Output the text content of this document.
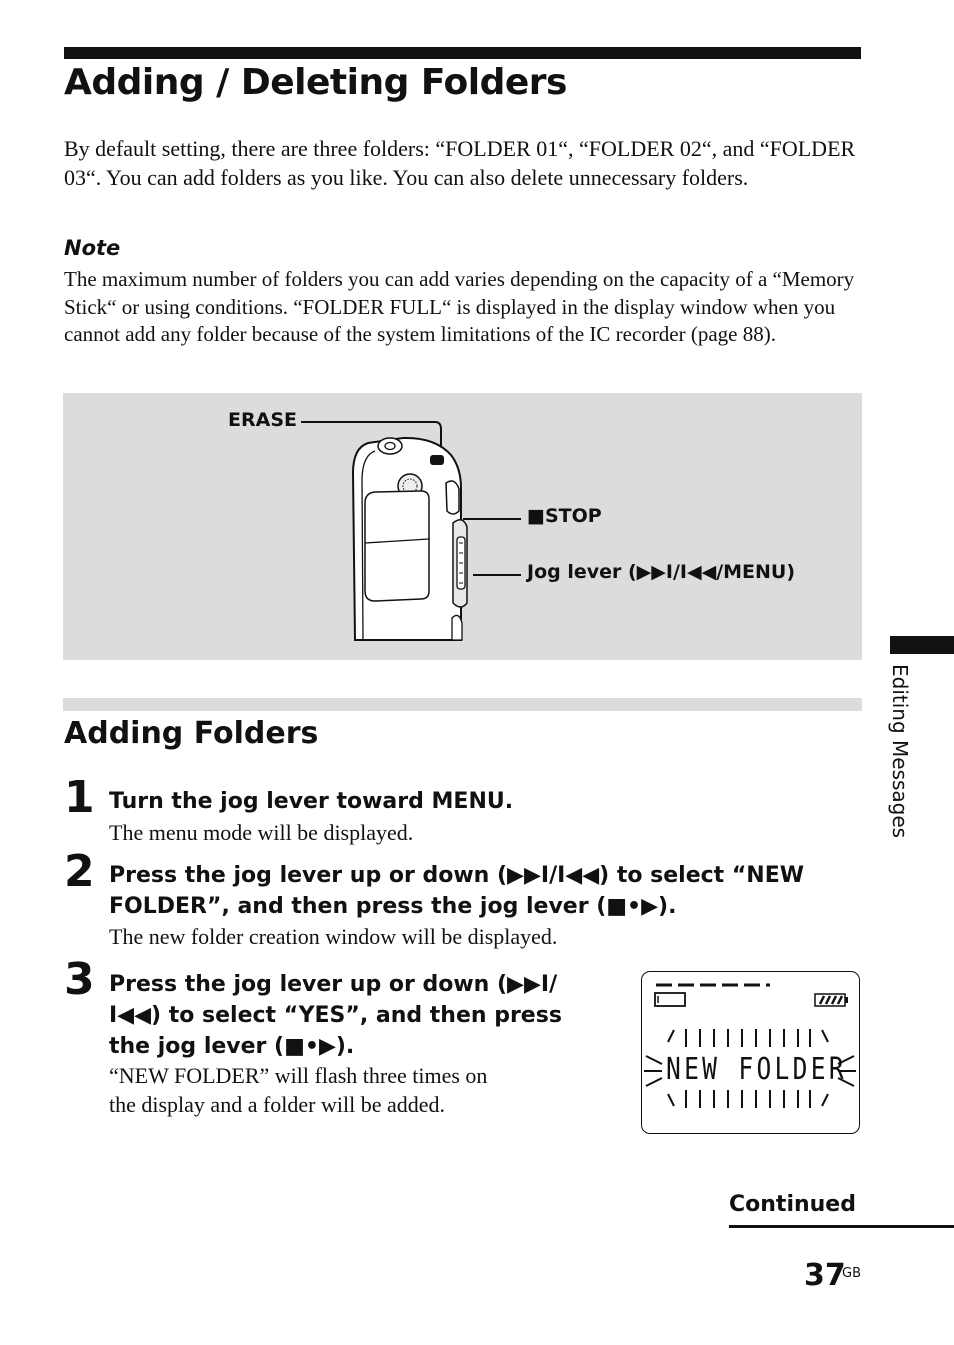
Adding / Deleting Folders
By default setting, there are three folders: “FOLDER 01“, “FOLDER 02“, and “FOLDER 03“. You can add folders as you like. You can also delete unnecessary folders.
Note
The maximum number of folders you can add varies depending on the capacity of a “Memory Stick“ or using conditions. “FOLDER FULL“ is displayed in the display window when you cannot add any folder because of the system limitations of the IC recorder (page 88).
ERASE
■STOP
Jog lever (▶▶I/I◀◀/MENU)
Adding Folders
1 Turn the jog lever toward MENU.
The menu mode will be displayed.
2 Press the jog lever up or down (▶▶I/I◀◀) to select “NEW
FOLDER”, and then press the jog lever (■•▶).
The new folder creation window will be displayed.
3 Press the jog lever up or down (▶▶I/
I◀◀) to select “YES”, and then press
the jog lever (■•▶).
“NEW FOLDER” will flash three times on
the display and a folder will be added.
NEW FOLDER
Editing Messages
Continued
37
GB
